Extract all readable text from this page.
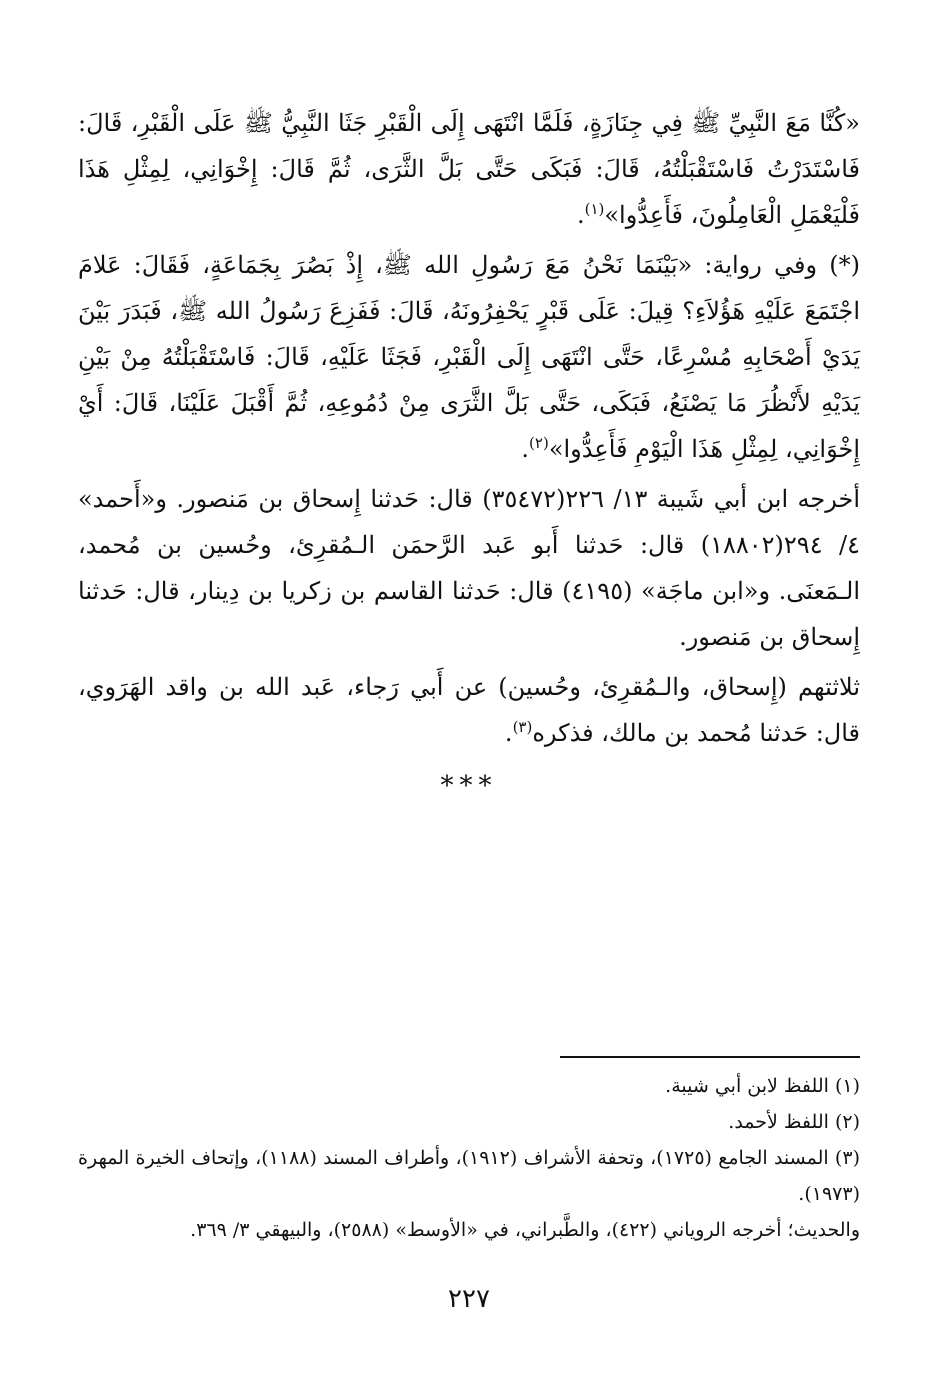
«كُنَّا مَعَ النَّبِيِّ ﷺ فِي جِنَازَةٍ، فَلَمَّا انْتَهَى إِلَى الْقَبْرِ جَثَا النَّبِيُّ ﷺ عَلَى الْقَبْرِ، قَالَ: فَاسْتَدَرْتُ فَاسْتَقْبَلْتُهُ، قَالَ: فَبَكَى حَتَّى بَلَّ الثَّرَى، ثُمَّ قَالَ: إِخْوَانِي، لِمِثْلِ هَذَا فَلْيَعْمَلِ الْعَامِلُونَ، فَأَعِدُّوا»$^{(١)}$.

(*) وفي رواية: «بَيْنَمَا نَحْنُ مَعَ رَسُولِ الله ﷺ، إِذْ بَصُرَ بِجَمَاعَةٍ، فَقَالَ: عَلامَ اجْتَمَعَ عَلَيْهِ هَؤُلاَءِ؟ قِيلَ: عَلَى قَبْرٍ يَحْفِرُونَهُ، قَالَ: فَفَزِعَ رَسُولُ الله ﷺ، فَبَدَرَ بَيْنَ يَدَيْ أَصْحَابِهِ مُسْرِعًا، حَتَّى انْتَهَى إِلَى الْقَبْرِ، فَجَثَا عَلَيْهِ، قَالَ: فَاسْتَقْبَلْتُهُ مِنْ بَيْنِ يَدَيْهِ لأَنْظُرَ مَا يَصْنَعُ، فَبَكَى، حَتَّى بَلَّ الثَّرَى مِنْ دُمُوعِهِ، ثُمَّ أَقْبَلَ عَلَيْنَا، قَالَ: أَيْ إِخْوَانِي، لِمِثْلِ هَذَا الْيَوْمِ فَأَعِدُّوا»$^{(٢)}$.

أخرجه ابن أبي شَيبة ١٣/ ٢٢٦(٣٥٤٧٢) قال: حَدثنا إِسحاق بن مَنصور. و«أَحمد» ٤/ ٢٩٤(١٨٨٠٢) قال: حَدثنا أَبو عَبد الرَّحمَن الـمُقرِئ، وحُسين بن مُحمد، الـمَعنَى. و«ابن ماجَة» (٤١٩٥) قال: حَدثنا القاسم بن زكريا بن دِينار، قال: حَدثنا إِسحاق بن مَنصور.

ثلاثتهم (إِسحاق، والـمُقرِئ، وحُسين) عن أَبي رَجاء، عَبد الله بن واقد الهَرَوي، قال: حَدثنا مُحمد بن مالك، فذكره$^{(٣)}$.

***

(١) اللفظ لابن أبي شيبة.

(٢) اللفظ لأحمد.

(٣) المسند الجامع (١٧٢٥)، وتحفة الأشراف (١٩١٢)، وأطراف المسند (١١٨٨)، وإتحاف الخيرة المهرة (١٩٧٣).

والحديث؛ أخرجه الروياني (٤٢٢)، والطَّبراني، في «الأوسط» (٢٥٨٨)، والبيهقي ٣/ ٣٦٩.

٢٢٧
